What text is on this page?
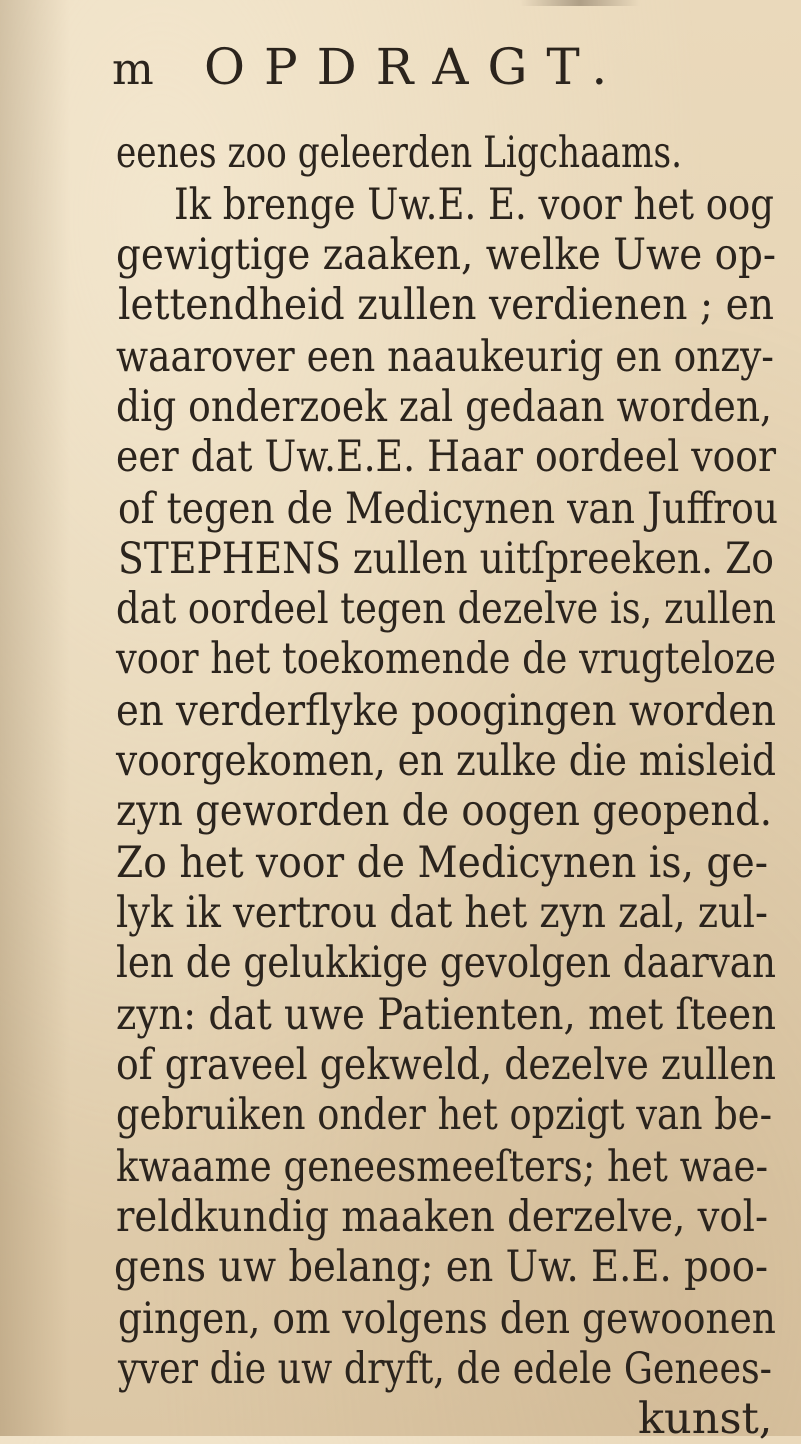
m OPDRAGT.
eenes zoo geleerden Ligchaams.
Ik brenge Uw.E. E. voor het oog
gewigtige zaaken, welke Uwe op-
lettendheid zullen verdienen ; en
waarover een naaukeurig en onzy-
dig onderzoek zal gedaan worden,
eer dat Uw.E.E. Haar oordeel voor
of tegen de Medicynen van Juffrou
STEPHENS zullen uitſpreeken. Zo
dat oordeel tegen dezelve is, zullen
voor het toekomende de vrugteloze
en verderflyke poogingen worden
voorgekomen, en zulke die misleid
zyn geworden de oogen geopend.
Zo het voor de Medicynen is, ge-
lyk ik vertrou dat het zyn zal, zul-
len de gelukkige gevolgen daarvan
zyn: dat uwe Patienten, met ſteen
of graveel gekweld, dezelve zullen
gebruiken onder het opzigt van be-
kwaame geneesmeeſters; het wae-
reldkundig maaken derzelve, vol-
gens uw belang; en Uw. E.E. poo-
gingen, om volgens den gewoonen
yver die uw dryft, de edele Genees-
kunst,
